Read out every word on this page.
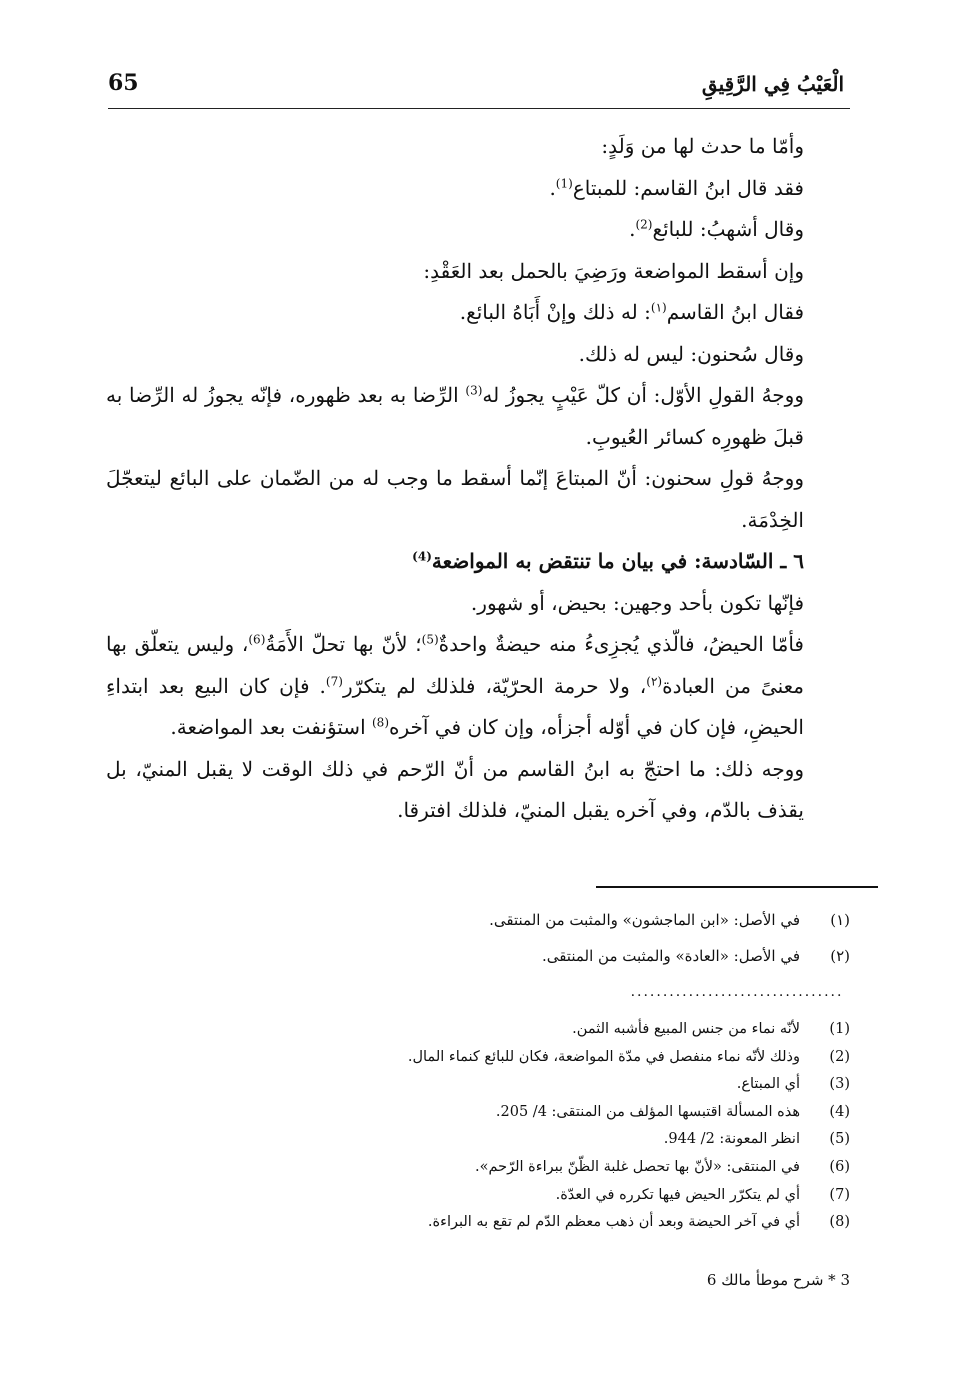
65	الْعَيْبُ فِي الرَّقِيقِ

وأمّا ما حدث لها من وَلَدٍ:

فقد قال ابنُ القاسم: للمبتاع$^{(1)}$.

وقال أشهبُ: للبائع$^{(2)}$.

وإن أسقط المواضعة ورَضِيَ بالحمل بعد العَقْدِ:

فقال ابنُ القاسم$^{(١)}$: له ذلك وإنْ أَبَاهُ البائع.

وقال سُحنون: ليس له ذلك.

ووجهُ القولِ الأوّل: أن كلّ عَيْبٍ يجوزُ له$^{(3)}$ الرِّضا به بعد ظهوره، فإنّه يجوزُ له الرِّضا به قبلَ ظهورِه كسائر العُيوبِ.

ووجهُ قولِ سحنون: أنّ المبتاعَ إنّما أسقط ما وجب له من الضّمان على البائع ليتعجّلَ الخِدْمَة.

٦ ـ السّادسة: في بيان ما تنتقض به المواضعة$^{(4)}$

فإنّها تكون بأحد وجهين: بحيض، أو شهور.

فأمّا الحيضُ، فالّذي يُجزِىءُ منه حيضةٌ واحدةٌ$^{(5)}$؛ لأنّ بها تحلّ الأَمَةُ$^{(6)}$، وليس يتعلّق بها معنىً من العبادة$^{(٢)}$، ولا حرمة الحرّيّة، فلذلك لم يتكرّر$^{(7)}$. فإن كان البيع بعد ابتداءِ الحيضِ، فإن كان في أوّله أجزأه، وإن كان في آخره$^{(8)}$ استؤنفت بعد المواضعة.

ووجه ذلك: ما احتجّ به ابنُ القاسم من أنّ الرّحم في ذلك الوقت لا يقبل المنيّ، بل يقذف بالدّم، وفي آخره يقبل المنيّ، فلذلك افترقا.

(١)
في الأصل: «ابن الماجشون» والمثبت من المنتقى.
(٢)
في الأصل: «العادة» والمثبت من المنتقى.
.................................
(1)
لأنّه نماء من جنس المبيع فأشبه الثمن.
(2)
وذلك لأنّه نماء منفصل في مدّة المواضعة، فكان للبائع كنماء المال.
(3)
أي المبتاع.
(4)
هذه المسألة اقتبسها المؤلف من المنتقى: 4/ 205.
(5)
انظر المعونة: 2/ 944.
(6)
في المنتقى: «لأنّ بها تحصل غلبة الظّنّ ببراءة الرّحم».
(7)
أي لم يتكرّر الحيض فيها تكرره في العدّة.
(8)
أي في آخر الحيضة وبعد أن ذهب معظم الدّم لم تقع به البراءة.
3 * شرح موطأ مالك 6
